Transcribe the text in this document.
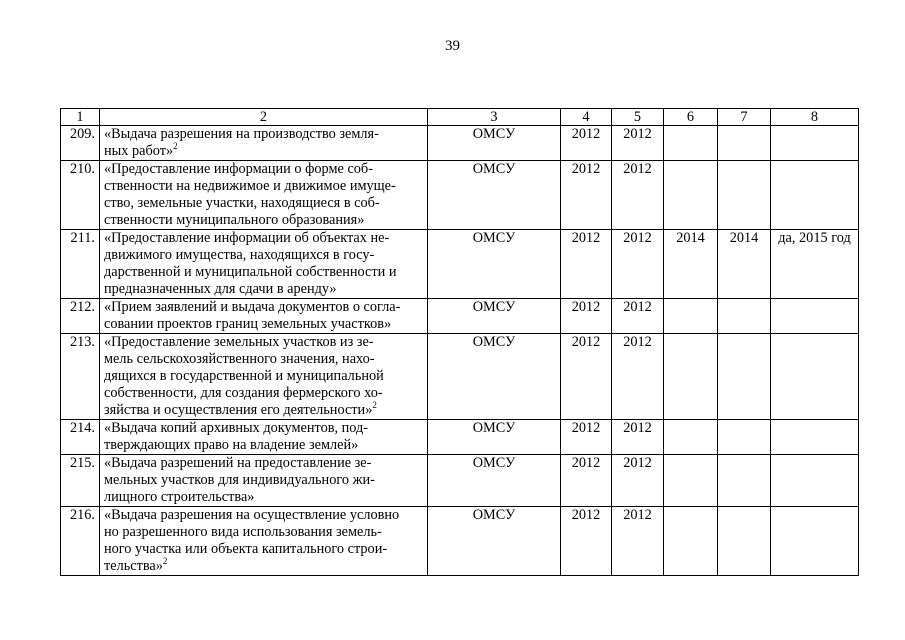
39
1	2	3	4	5	6	7	8
209.	«Выдача разрешения на производство земля-
ных работ»$^2$	ОМСУ	2012	2012			
210.	«Предоставление информации о форме соб-
ственности на недвижимое и движимое имуще-
ство, земельные участки, находящиеся в соб-
ственности муниципального образования»	ОМСУ	2012	2012			
211.	«Предоставление информации об объектах не-
движимого имущества, находящихся в госу-
дарственной и муниципальной собственности и
предназначенных для сдачи в аренду»	ОМСУ	2012	2012	2014	2014	да, 2015 год
212.	«Прием заявлений и выдача документов о согла-
совании проектов границ земельных участков»	ОМСУ	2012	2012			
213.	«Предоставление земельных участков из зе-
мель сельскохозяйственного значения, нахо-
дящихся в государственной и муниципальной
собственности, для создания фермерского хо-
зяйства и осуществления его деятельности»$^2$	ОМСУ	2012	2012			
214.	«Выдача копий архивных документов, под-
тверждающих право на владение землей»	ОМСУ	2012	2012			
215.	«Выдача разрешений на предоставление зе-
мельных участков для индивидуального жи-
лищного строительства»	ОМСУ	2012	2012			
216.	«Выдача разрешения на осуществление условно
но разрешенного вида использования земель-
ного участка или объекта капитального строи-
тельства»$^2$	ОМСУ	2012	2012			
